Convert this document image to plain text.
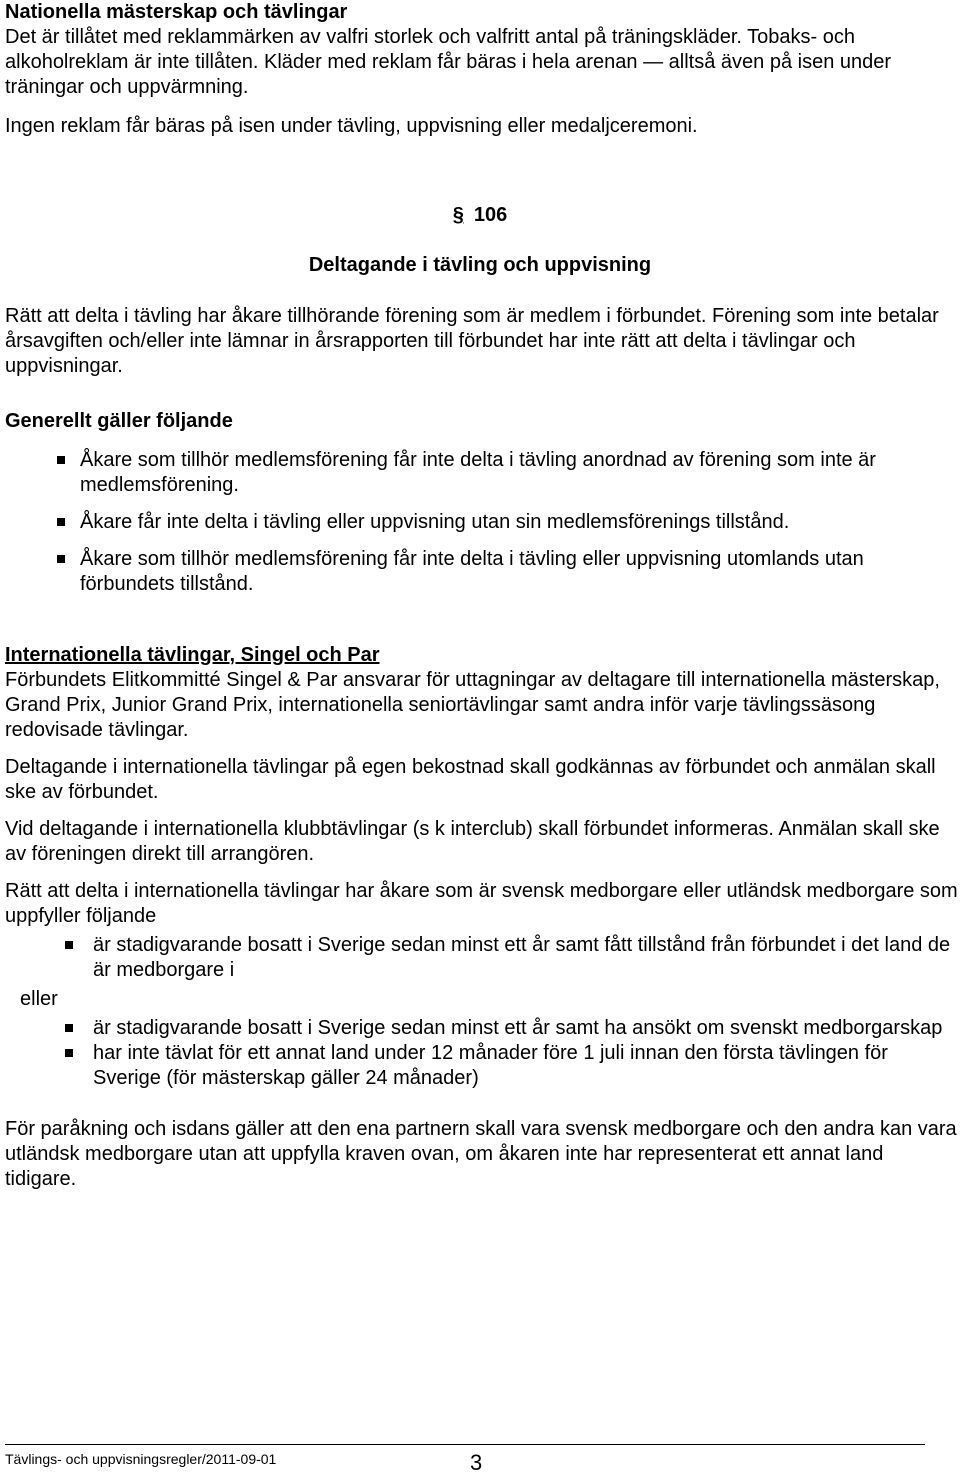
Nationella mästerskap och tävlingar

Det är tillåtet med reklammärken av valfri storlek och valfritt antal på träningskläder. Tobaks- och alkoholreklam är inte tillåten. Kläder med reklam får bäras i hela arenan — alltså även på isen under träningar och uppvärmning.

Ingen reklam får bäras på isen under tävling, uppvisning eller medaljceremoni.

§ 106
Deltagande i tävling och uppvisning

Rätt att delta i tävling har åkare tillhörande förening som är medlem i förbundet. Förening som inte betalar årsavgiften och/eller inte lämnar in årsrapporten till förbundet har inte rätt att delta i tävlingar och uppvisningar.

Generellt gäller följande

Åkare som tillhör medlemsförening får inte delta i tävling anordnad av förening som inte är medlemsförening.
Åkare får inte delta i tävling eller uppvisning utan sin medlemsförenings tillstånd.
Åkare som tillhör medlemsförening får inte delta i tävling eller uppvisning utomlands utan förbundets tillstånd.

Internationella tävlingar, Singel och Par

Förbundets Elitkommitté Singel & Par ansvarar för uttagningar av deltagare till internationella mästerskap, Grand Prix, Junior Grand Prix, internationella seniortävlingar samt andra inför varje tävlingssäsong redovisade tävlingar.

Deltagande i internationella tävlingar på egen bekostnad skall godkännas av förbundet och anmälan skall ske av förbundet.

Vid deltagande i internationella klubbtävlingar (s k interclub) skall förbundet informeras. Anmälan skall ske av föreningen direkt till arrangören.

Rätt att delta i internationella tävlingar har åkare som är svensk medborgare eller utländsk medborgare som uppfyller följande

är stadigvarande bosatt i Sverige sedan minst ett år samt fått tillstånd från förbundet i det land de är medborgare i

eller

är stadigvarande bosatt i Sverige sedan minst ett år samt ha ansökt om svenskt medborgarskap
har inte tävlat för ett annat land under 12 månader före 1 juli innan den första tävlingen för Sverige (för mästerskap gäller 24 månader)

För paråkning och isdans gäller att den ena partnern skall vara svensk medborgare och den andra kan vara utländsk medborgare utan att uppfylla kraven ovan, om åkaren inte har representerat ett annat land tidigare.

Tävlings- och uppvisningsregler/2011-09-01	3
